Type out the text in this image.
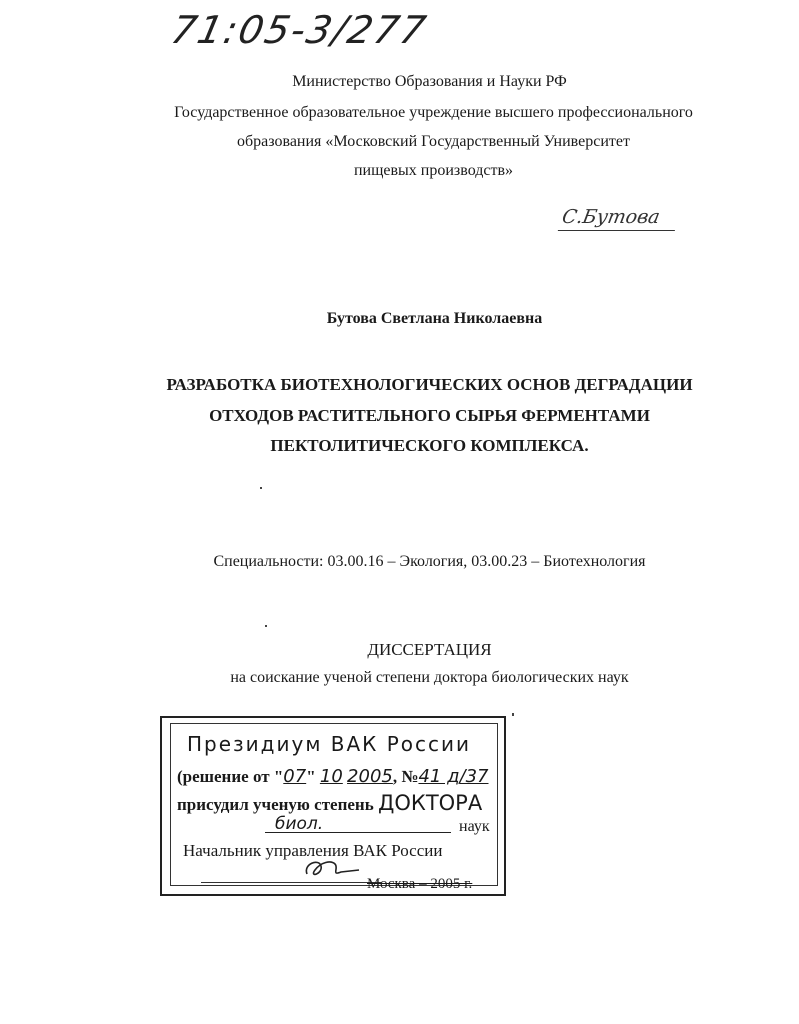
71:05-3/277
Министерство Образования и Науки РФ
Государственное образовательное учреждение высшего профессионального
образования «Московский Государственный Университет
пищевых производств»
С.Бутова
Бутова Светлана Николаевна
РАЗРАБОТКА БИОТЕХНОЛОГИЧЕСКИХ ОСНОВ ДЕГРАДАЦИИ
ОТХОДОВ РАСТИТЕЛЬНОГО СЫРЬЯ ФЕРМЕНТАМИ
ПЕКТОЛИТИЧЕСКОГО КОМПЛЕКСА.
Специальности: 03.00.16 – Экология, 03.00.23 – Биотехнология
ДИССЕРТАЦИЯ
на соискание ученой степени доктора биологических наук
Президиум ВАК России
(решение от "07" 10 2005, №41 д/37
присудил ученую степень ДОКТОРА
биол.	наук
Начальник управления ВАК России
Москва – 2005 г.
